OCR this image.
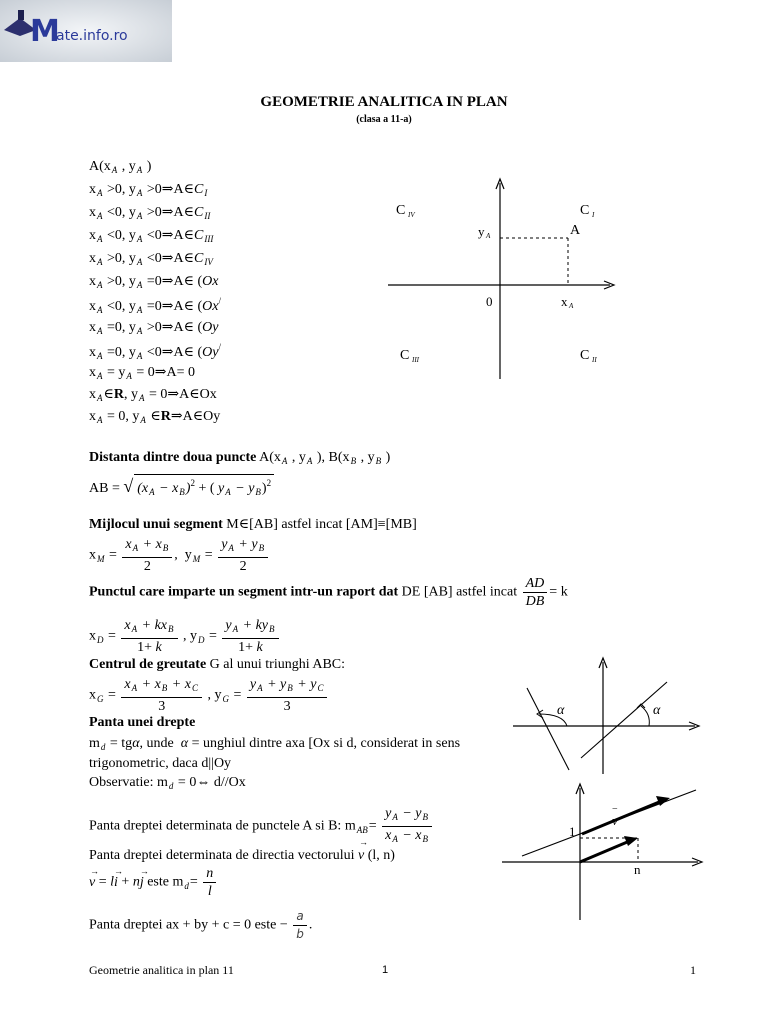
M
ate.info.ro
GEOMETRIE ANALITICA IN PLAN
(clasa a 11-a)
$A(x_A$ , $y_A$ )
$x_A >0$, $y_A$ $>0\Rightarrow A\in C_I$
$x_A <0$, $y_A$ $>0\Rightarrow A\in C_{II}$
$x_A <0$, $y_A$ $<0\Rightarrow A\in C_{III}$
$x_A >0$, $y_A$ $<0\Rightarrow A\in C_{IV}$
$x_A >0$, $y_A$ =0⇒A∈ (Ox
$x_A <0$, $y_A$ =0⇒A∈ (Ox/
$x_A =0$, $y_A$ >0⇒A∈ (Oy
$x_A =0$, $y_A$ <0⇒A∈ (Oy/
$x_A = y_A$ = 0⇒A= 0
$x_A\in R$, $y_A$ = 0⇒A∈Ox
$x_A = 0$, $y_A$ ∈R⇒A∈Oy
C IV	C I
C III	C II
y A	A
0	x A
Distanta dintre doua puncte $A(x_A$ , $y_A$ ), $B(x_B$ , $y_B$ )
AB = √ $(x_A - x_B)^2$ + ( $y_A - y_B)^2$
Mijlocul unui segment M∈[AB] astfel incat [AM]≡[MB]
$x_M = \frac{x_A + x_B}{2}$ ,  $y_M = \frac{y_A + y_B}{2}$
Punctul care imparte un segment intr-un raport dat DE [AB] astfel incat $\frac{AD}{DB} = k$
$x_D = \frac{x_A + kx_B}{1+ k}$ , $y_D = \frac{y_A + ky_B}{1+ k}$
Centrul de greutate G al unui triunghi ABC:
$x_G = \frac{x_A + x_B + x_C}{3}$ , $y_G = \frac{y_A + y_B + y_C}{3}$
Panta unei drepte
$m_d = tg\alpha$, unde  α = unghiul dintre axa [Ox si d, considerat in sens
trigonometric, daca d||Oy
Observatie: $m_d$ = 0⇔ d//Ox
Panta dreptei determinata de punctele A si B: $m_{AB}= \frac{y_A - y_B}{x_A - x_B}$
Panta dreptei determinata de directia vectorului
→
v (l, n)
→
v = l
→
i + n
→
j este $m_d= \frac{n}{l}$
Panta dreptei ax + by + c = 0 este − $\frac{a}{b}$ .
α	α
v
−
1
n
Geometrie analitica in plan 11	1	1
